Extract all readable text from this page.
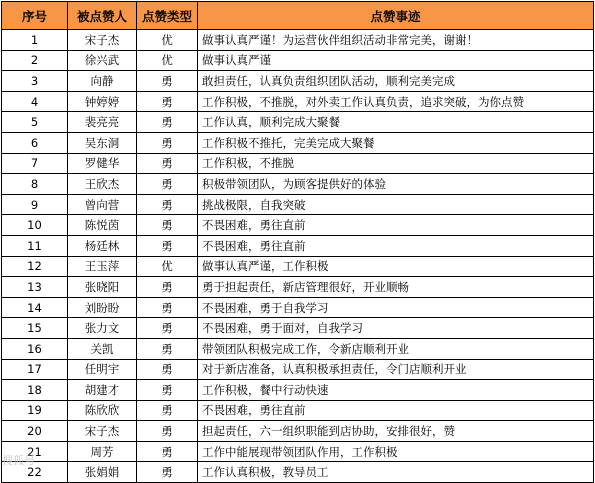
序号	被点赞人	点赞类型	点赞事迹
1	宋子杰	优	做事认真严谨！为运营伙伴组织活动非常完美，谢谢！
2	徐兴武	优	做事认真严谨
3	向静	勇	敢担责任，认真负责组织团队活动，顺利完美完成
4	钟婷婷	勇	工作积极，不推脱，对外卖工作认真负责，追求突破，为你点赞
5	裴亮亮	勇	工作认真，顺利完成大聚餐
6	吴东洞	勇	工作积极不推托，完美完成大聚餐
7	罗健华	勇	工作积极，不推脱
8	王欣杰	勇	积极带领团队，为顾客提供好的体验
9	曾向营	勇	挑战极限，自我突破
10	陈悦茵	勇	不畏困难，勇往直前
11	杨廷林	勇	不畏困难，勇往直前
12	王玉萍	优	做事认真严谨，工作积极
13	张晓阳	勇	勇于担起责任，新店管理很好，开业顺畅
14	刘盼盼	勇	不畏困难，勇于自我学习
15	张力文	勇	不畏困难，勇于面对，自我学习
16	关凯	勇	带领团队积极完成工作，令新店顺利开业
17	任明宇	勇	对于新店准备，认真积极承担责任，令门店顺利开业
18	胡建才	勇	工作积极，餐中行动快速
19	陈欣欣	勇	不畏困难，勇往直前
20	宋子杰	勇	担起责任，六一组织职能到店协助，安排很好，赞
21	周芳	勇	工作中能展现带领团队作用，工作积极
22	张娟娟	勇	工作认真积极，教导员工
搜狐号
